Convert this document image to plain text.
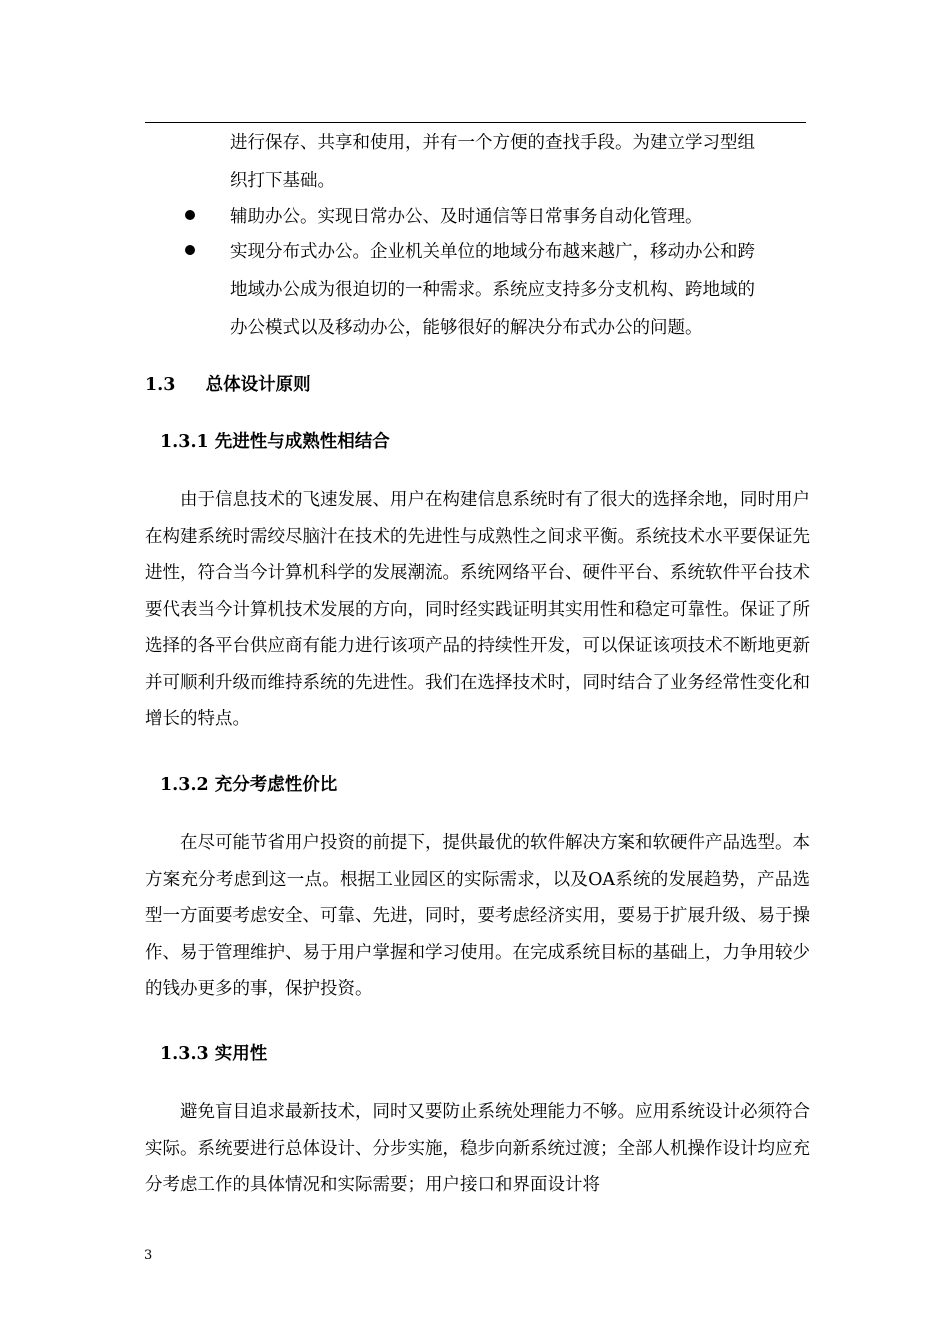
进行保存、共享和使用，并有一个方便的查找手段。为建立学习型组

织打下基础。

辅助办公。实现日常办公、及时通信等日常事务自动化管理。

实现分布式办公。企业机关单位的地域分布越来越广，移动办公和跨

地域办公成为很迫切的一种需求。系统应支持多分支机构、跨地域的

办公模式以及移动办公，能够很好的解决分布式办公的问题。

1.3 总体设计原则

1.3.1 先进性与成熟性相结合

由于信息技术的飞速发展、用户在构建信息系统时有了很大的选择余地，同时用户在构建系统时需绞尽脑汁在技术的先进性与成熟性之间求平衡。系统技术水平要保证先进性，符合当今计算机科学的发展潮流。系统网络平台、硬件平台、系统软件平台技术要代表当今计算机技术发展的方向，同时经实践证明其实用性和稳定可靠性。保证了所选择的各平台供应商有能力进行该项产品的持续性开发，可以保证该项技术不断地更新并可顺利升级而维持系统的先进性。我们在选择技术时，同时结合了业务经常性变化和增长的特点。

1.3.2 充分考虑性价比

在尽可能节省用户投资的前提下，提供最优的软件解决方案和软硬件产品选型。本方案充分考虑到这一点。根据工业园区的实际需求，以及OA系统的发展趋势，产品选型一方面要考虑安全、可靠、先进，同时，要考虑经济实用，要易于扩展升级、易于操作、易于管理维护、易于用户掌握和学习使用。在完成系统目标的基础上，力争用较少的钱办更多的事，保护投资。

1.3.3 实用性

避免盲目追求最新技术，同时又要防止系统处理能力不够。应用系统设计必须符合实际。系统要进行总体设计、分步实施，稳步向新系统过渡；全部人机操作设计均应充分考虑工作的具体情况和实际需要；用户接口和界面设计将

3
